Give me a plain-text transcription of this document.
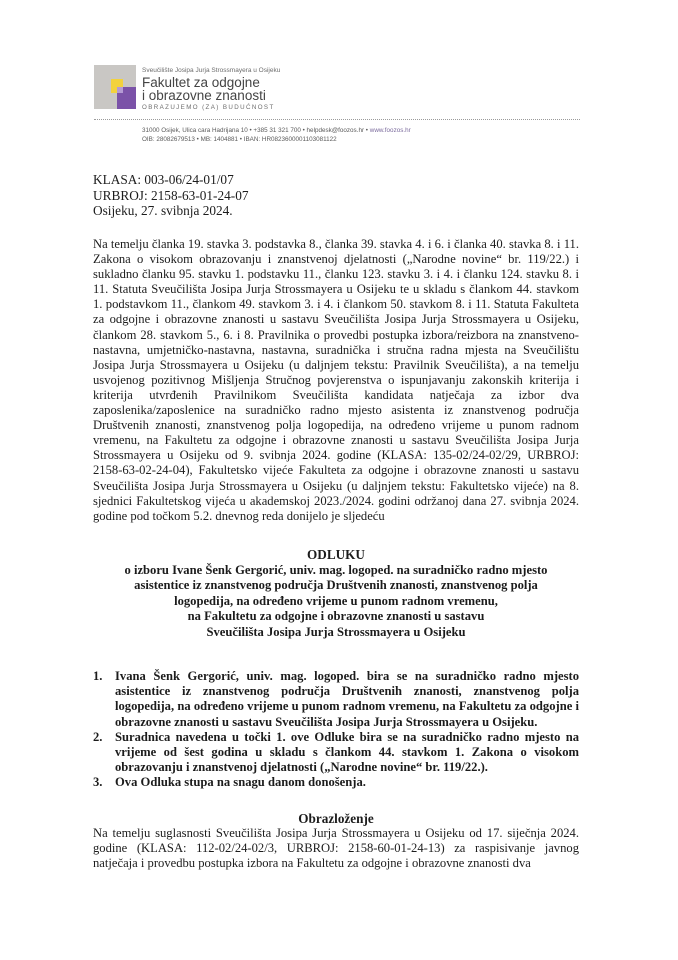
Sveučilište Josipa Jurja Strossmayera u Osijeku
Fakultet za odgojne
i obrazovne znanosti
OBRAZUJEMO (ZA) BUDUĆNOST
31000 Osijek, Ulica cara Hadrijana 10 • +385 31 321 700 • helpdesk@foozos.hr • www.foozos.hr
OIB: 28082679513 • MB: 1404881 • IBAN: HR0823600001103081122
KLASA: 003-06/24-01/07
URBROJ: 2158-63-01-24-07
Osijeku, 27. svibnja 2024.
Na temelju članka 19. stavka 3. podstavka 8., članka 39. stavka 4. i 6. i članka 40. stavka 8. i 11. Zakona o visokom obrazovanju i znanstvenoj djelatnosti („Narodne novine“ br. 119/22.) i sukladno članku 95. stavku 1. podstavku 11., članku 123. stavku 3. i 4. i članku 124. stavku 8. i 11. Statuta Sveučilišta Josipa Jurja Strossmayera u Osijeku te u skladu s člankom 44. stavkom 1. podstavkom 11., člankom 49. stavkom 3. i 4. i člankom 50. stavkom 8. i 11. Statuta Fakulteta za odgojne i obrazovne znanosti u sastavu Sveučilišta Josipa Jurja Strossmayera u Osijeku, člankom 28. stavkom 5., 6. i 8. Pravilnika o provedbi postupka izbora/reizbora na znanstveno-nastavna, umjetničko-nastavna, nastavna, suradnička i stručna radna mjesta na Sveučilištu Josipa Jurja Strossmayera u Osijeku (u daljnjem tekstu: Pravilnik Sveučilišta), a na temelju usvojenog pozitivnog Mišljenja Stručnog povjerenstva o ispunjavanju zakonskih kriterija i kriterija utvrđenih Pravilnikom Sveučilišta kandidata natječaja za izbor dva zaposlenika/zaposlenice na suradničko radno mjesto asistenta iz znanstvenog područja Društvenih znanosti, znanstvenog polja logopedija, na određeno vrijeme u punom radnom vremenu, na Fakultetu za odgojne i obrazovne znanosti u sastavu Sveučilišta Josipa Jurja Strossmayera u Osijeku od 9. svibnja 2024. godine (KLASA: 135-02/24-02/29, URBROJ: 2158-63-02-24-04), Fakultetsko vijeće Fakulteta za odgojne i obrazovne znanosti u sastavu Sveučilišta Josipa Jurja Strossmayera u Osijeku (u daljnjem tekstu: Fakultetsko vijeće) na 8. sjednici Fakultetskog vijeća u akademskoj 2023./2024. godini održanoj dana 27. svibnja 2024. godine pod točkom 5.2. dnevnog reda donijelo je sljedeću
ODLUKU
o izboru Ivane Šenk Gergorić, univ. mag. logoped. na suradničko radno mjesto
asistentice iz znanstvenog područja Društvenih znanosti, znanstvenog polja
logopedija, na određeno vrijeme u punom radnom vremenu,
na Fakultetu za odgojne i obrazovne znanosti u sastavu
Sveučilišta Josipa Jurja Strossmayera u Osijeku
1. Ivana Šenk Gergorić, univ. mag. logoped. bira se na suradničko radno mjesto asistentice iz znanstvenog područja Društvenih znanosti, znanstvenog polja logopedija, na određeno vrijeme u punom radnom vremenu, na Fakultetu za odgojne i obrazovne znanosti u sastavu Sveučilišta Josipa Jurja Strossmayera u Osijeku.
2. Suradnica navedena u točki 1. ove Odluke bira se na suradničko radno mjesto na vrijeme od šest godina u skladu s člankom 44. stavkom 1. Zakona o visokom obrazovanju i znanstvenoj djelatnosti („Narodne novine“ br. 119/22.).
3. Ova Odluka stupa na snagu danom donošenja.
Obrazloženje
Na temelju suglasnosti Sveučilišta Josipa Jurja Strossmayera u Osijeku od 17. siječnja 2024. godine (KLASA: 112-02/24-02/3, URBROJ: 2158-60-01-24-13) za raspisivanje javnog natječaja i provedbu postupka izbora na Fakultetu za odgojne i obrazovne znanosti dva
